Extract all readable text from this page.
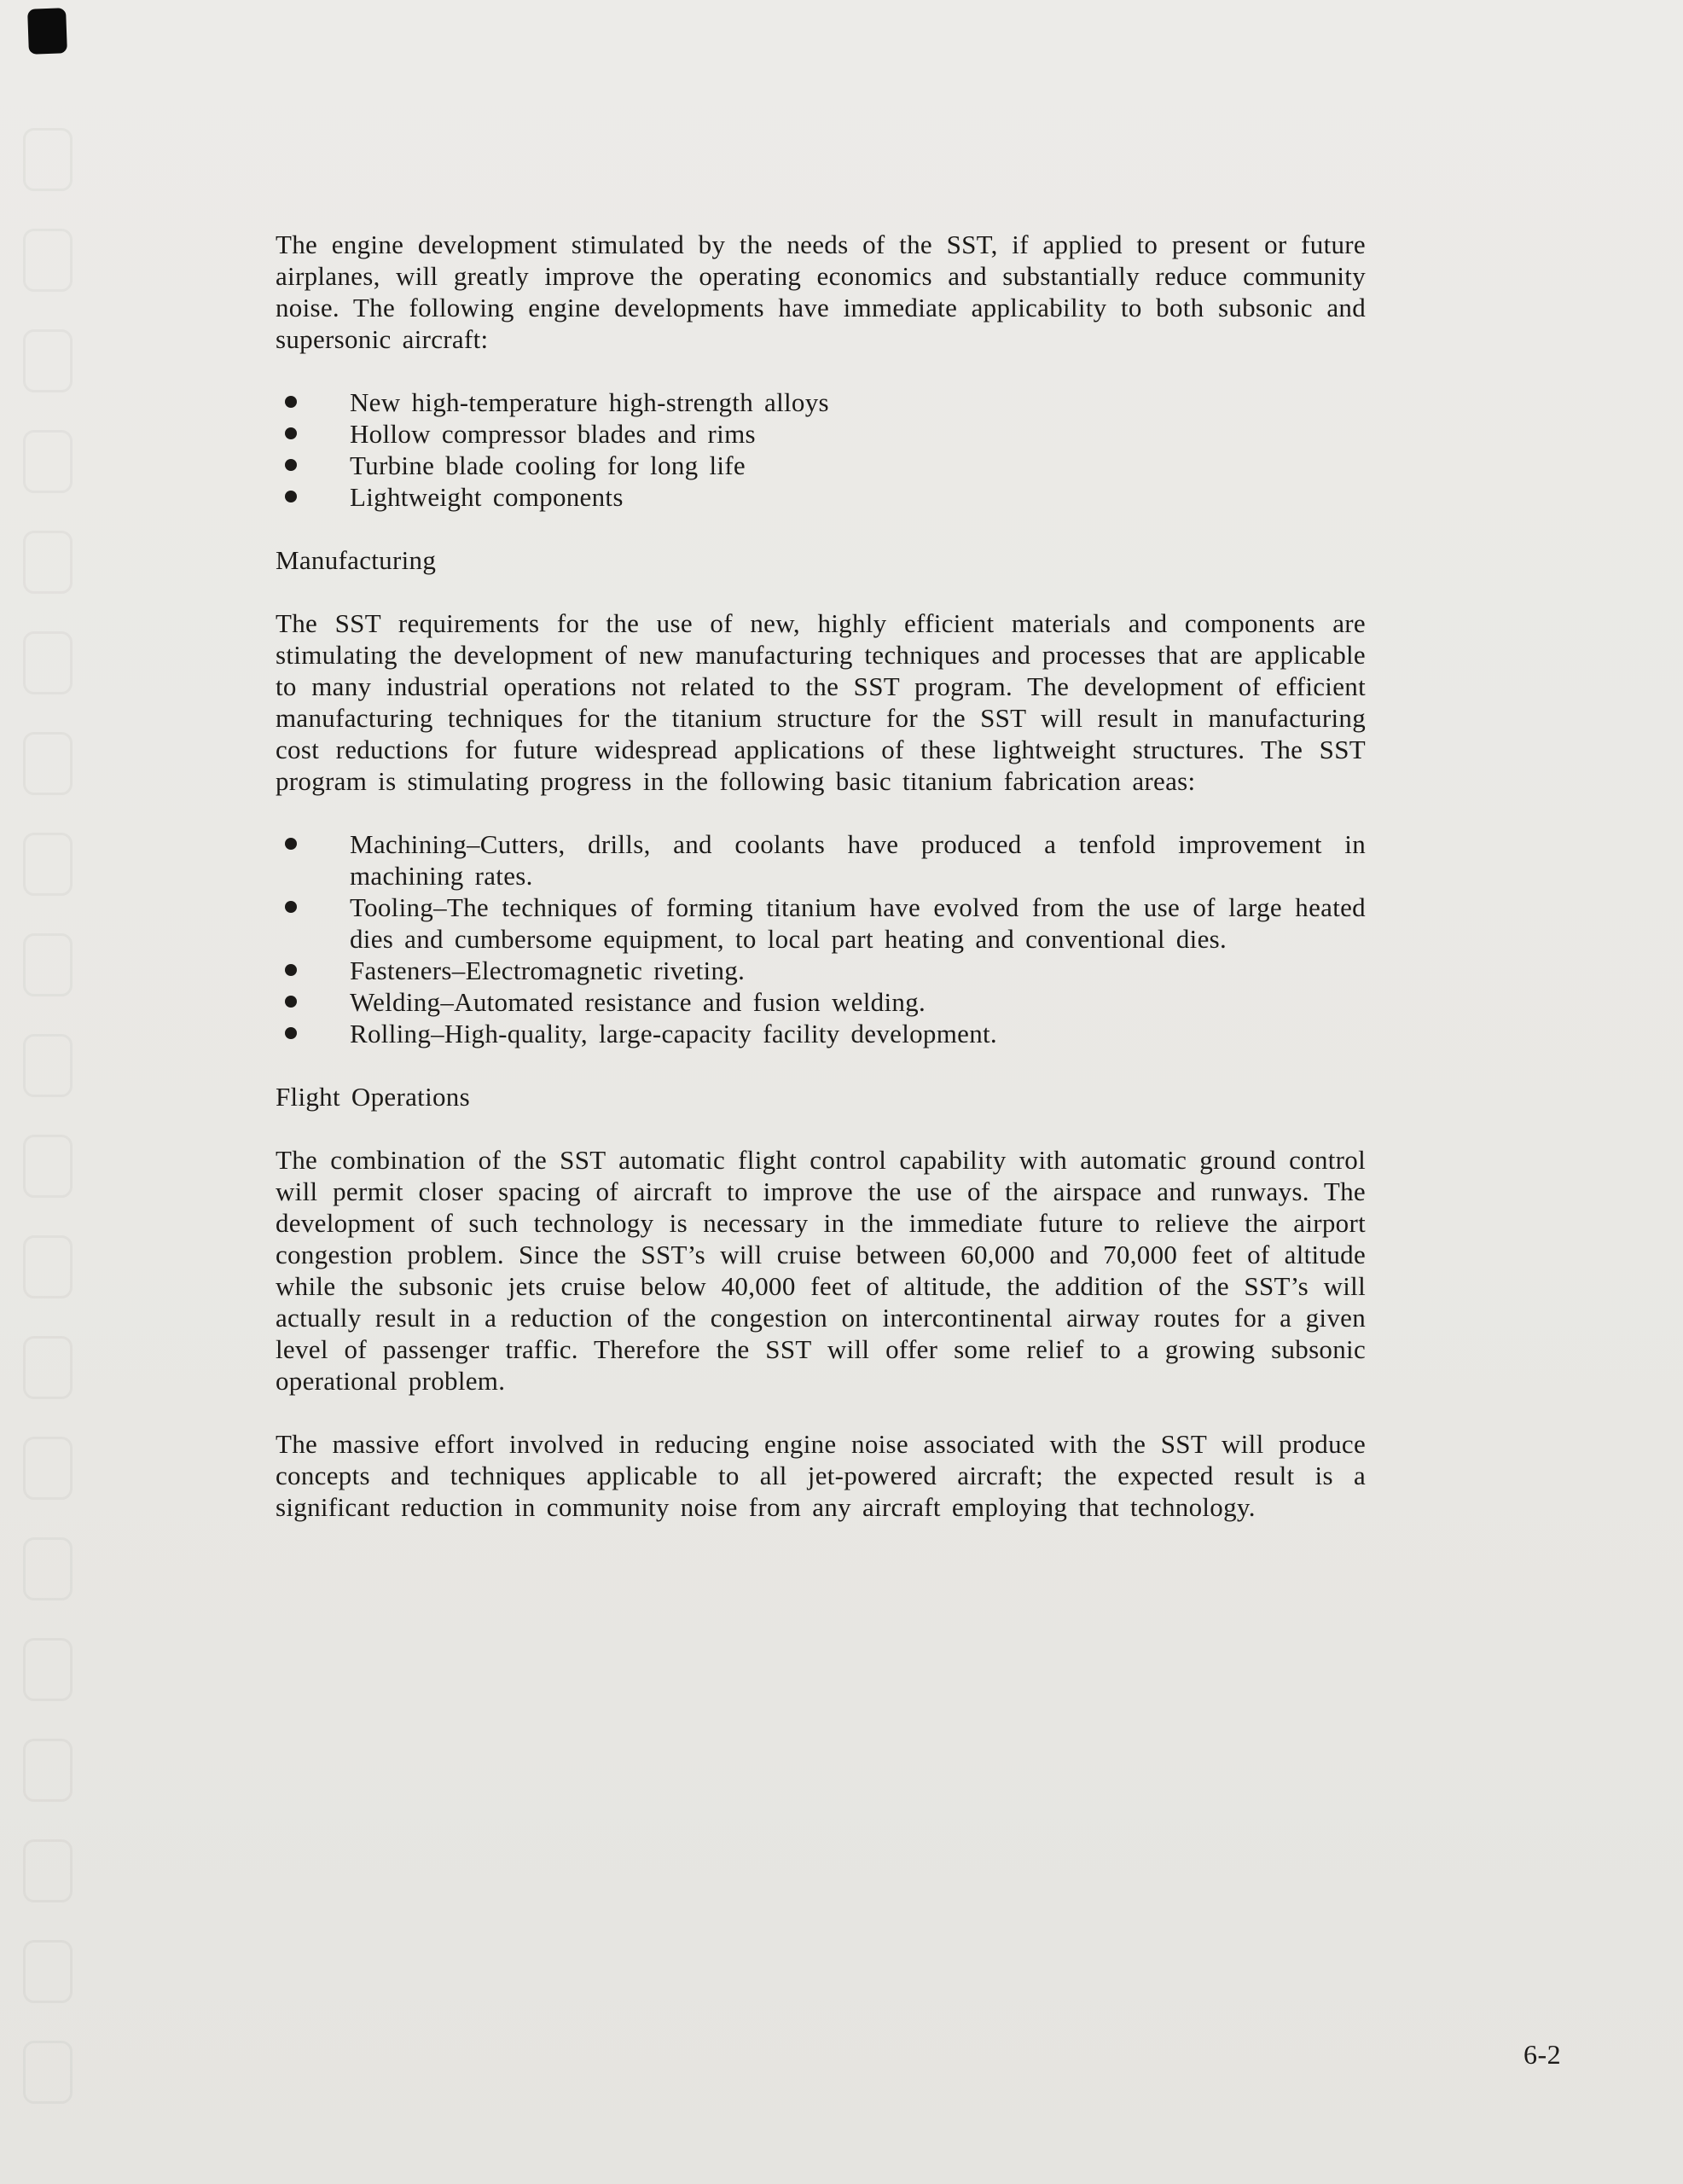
The engine development stimulated by the needs of the SST, if applied to present or future airplanes, will greatly improve the operating economics and substantially reduce community noise. The following engine developments have immediate applicability to both subsonic and supersonic aircraft:

New high-temperature high-strength alloys
Hollow compressor blades and rims
Turbine blade cooling for long life
Lightweight components

Manufacturing

The SST requirements for the use of new, highly efficient materials and components are stimulating the development of new manufacturing techniques and processes that are applicable to many industrial operations not related to the SST program. The development of efficient manufacturing techniques for the titanium structure for the SST will result in manufacturing cost reductions for future widespread applications of these lightweight structures. The SST program is stimulating progress in the following basic titanium fabrication areas:

Machining–Cutters, drills, and coolants have produced a tenfold improvement in machining rates.
Tooling–The techniques of forming titanium have evolved from the use of large heated dies and cumbersome equipment, to local part heating and conventional dies.
Fasteners–Electromagnetic riveting.
Welding–Automated resistance and fusion welding.
Rolling–High-quality, large-capacity facility development.

Flight Operations

The combination of the SST automatic flight control capability with automatic ground control will permit closer spacing of aircraft to improve the use of the airspace and runways. The development of such technology is necessary in the immediate future to relieve the airport congestion problem. Since the SST’s will cruise between 60,000 and 70,000 feet of altitude while the subsonic jets cruise below 40,000 feet of altitude, the addition of the SST’s will actually result in a reduction of the congestion on intercontinental airway routes for a given level of passenger traffic. Therefore the SST will offer some relief to a growing subsonic operational problem.

The massive effort involved in reducing engine noise associated with the SST will produce concepts and techniques applicable to all jet-powered aircraft; the expected result is a significant reduction in community noise from any aircraft employing that technology.

6-2
